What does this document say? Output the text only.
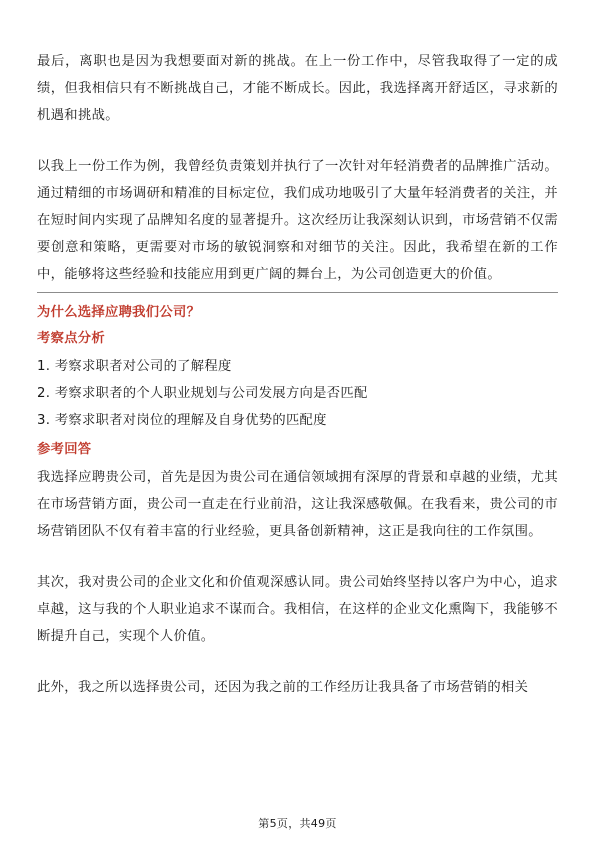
最后，离职也是因为我想要面对新的挑战。在上一份工作中，尽管我取得了一定的成绩，但我相信只有不断挑战自己，才能不断成长。因此，我选择离开舒适区，寻求新的机遇和挑战。

以我上一份工作为例，我曾经负责策划并执行了一次针对年轻消费者的品牌推广活动。通过精细的市场调研和精准的目标定位，我们成功地吸引了大量年轻消费者的关注，并在短时间内实现了品牌知名度的显著提升。这次经历让我深刻认识到，市场营销不仅需要创意和策略，更需要对市场的敏锐洞察和对细节的关注。因此，我希望在新的工作中，能够将这些经验和技能应用到更广阔的舞台上，为公司创造更大的价值。

为什么选择应聘我们公司？
考察点分析
1. 考察求职者对公司的了解程度
2. 考察求职者的个人职业规划与公司发展方向是否匹配
3. 考察求职者对岗位的理解及自身优势的匹配度
参考回答

我选择应聘贵公司，首先是因为贵公司在通信领域拥有深厚的背景和卓越的业绩，尤其在市场营销方面，贵公司一直走在行业前沿，这让我深感敬佩。在我看来，贵公司的市场营销团队不仅有着丰富的行业经验，更具备创新精神，这正是我向往的工作氛围。

其次，我对贵公司的企业文化和价值观深感认同。贵公司始终坚持以客户为中心，追求卓越，这与我的个人职业追求不谋而合。我相信，在这样的企业文化熏陶下，我能够不断提升自己，实现个人价值。

此外，我之所以选择贵公司，还因为我之前的工作经历让我具备了市场营销的相关

第5页，共49页
